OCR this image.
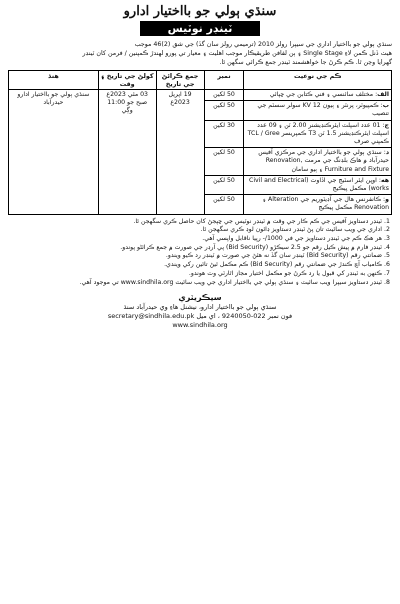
سنڌي ٻولي جو بااختيار ادارو
ٽينڊر نوٽيس

سنڌي ٻولي جو بااختيار اداري جي سيپرا رولز 2010 (ترميمي رولز سان گڏ) جي شق (2)46 موجب

هيٺ ڏنل ڪمن لاءِ Single Stage ۽ ٻن لفافن طريقيڪار موجب اهليت ۽ معيار تي پورو لهندڙ ڪمپنين / فرمن کان ٽينڊر

گهرايا وڃن ٿا. ڪم ڪرڻ جا خواهشمند ٽينڊر جمع ڪرائي سگهن ٿا.

ڪم جي نوعيت	نمبر	جمع ڪرائڻ جي تاريخ	کولڻ جي تاريخ ۽ وقت	هنڌ
الف: مختلف سائنسي ۽ فني ڪتابن جي ڇپائي	50 لکين	19 اپريل 2023ع	03 مئي 2023ع صبح جو 11:00 وڳي	سنڌي ٻولي جو بااختيار ادارو حيدرآباد
ب: ڪمپيوٽر، پرنٽر ۽ ٻيون KV 12 سولر سسٽم جي تنصيب	50 لکين			
ج: 01 عدد اسپلٽ ايئرڪنڊيشنر 2.00 ٽن ۽ 09 عدد اسپلٽ ايئرڪنڊيشنر 1.5 ٽن T3 ڪمپريسر TCL / Gree ڪمپني صرف	30 لکين			
د: سنڌي ٻولي جو بااختيار اداري جي مرڪزي آفيس حيدرآباد ۾ هاڪ بلڊنگ جي مرمت Renovation, Furniture and Fixture ۽ ٻيو سامان	50 لکين			
هه: اوپن ايئر اسٽيج جي اڏاوت (Civil and Electrical works) مڪمل پيڪيج	50 لکين			
و: ڪانفرنس هال جي آڊيٽوريم جي Alteration ۽ Renovation مڪمل پيڪيج	50 لکين			
1. ٽينڊر دستاويز آفيس جي ڪم ڪار جي وقت ۾ ٽينڊر نوٽيس جي ڇپجڻ کان حاصل ڪري سگهجن ٿا.
2. اداري جي ويب سائيٽ تان پڻ ٽينڊر دستاويز ڊائون لوڊ ڪري سگهجن ٿا.
3. هر هڪ ڪم جي ٽينڊر دستاويز جي في 1000/- رپيا ناقابل واپسي آهي.
4. ٽينڊر فارم ۾ پيش ڪيل رقم جو 2.5 سيڪڙو (Bid Security) پي آرڊر جي صورت ۾ جمع ڪرائڻو پوندو.
5. ضمانتي رقم (Bid Security) ٽينڊر سان گڏ نه هئڻ جي صورت ۾ ٽينڊر رد ڪيو ويندو.
6. ڪامياب آڇ ڪندڙ جي ضمانتي رقم (Bid Security) ڪم مڪمل ٿيڻ تائين رکي ويندي.
7. ڪنهن به ٽينڊر کي قبول يا رد ڪرڻ جو مڪمل اختيار مجاز اٿارٽي وٽ هوندو.
8. ٽينڊر دستاويز سيپرا ويب سائيٽ ۽ سنڌي ٻولي جي بااختيار اداري جي ويب سائيٽ www.sindhila.org تي موجود آهي.
سيڪريٽري
سنڌي ٻولي جو بااختيار ادارو، نيشنل هاءِ وي حيدرآباد سنڌ
فون نمبر 022-9240050 ، اي ميل secretary@sindhila.edu.pk
www.sindhila.org
